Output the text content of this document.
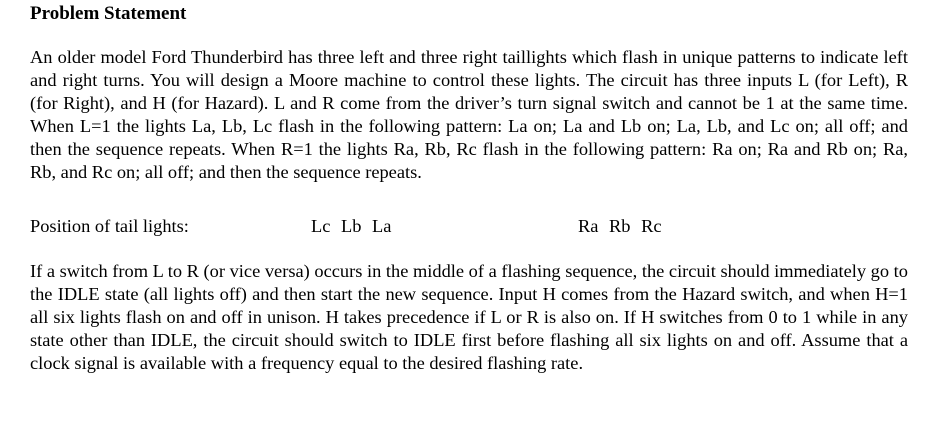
Problem Statement

An older model Ford Thunderbird has three left and three right taillights which flash in unique patterns to indicate left and right turns. You will design a Moore machine to control these lights. The circuit has three inputs L (for Left), R (for Right), and H (for Hazard). L and R come from the driver’s turn signal switch and cannot be 1 at the same time. When L=1 the lights La, Lb, Lc flash in the following pattern: La on; La and Lb on; La, Lb, and Lc on; all off; and then the sequence repeats. When R=1 the lights Ra, Rb, Rc flash in the following pattern: Ra on; Ra and Rb on; Ra, Rb, and Rc on; all off; and then the sequence repeats.

Position of tail lights:	Lc Lb La	Ra Rb Rc

If a switch from L to R (or vice versa) occurs in the middle of a flashing sequence, the circuit should immediately go to the IDLE state (all lights off) and then start the new sequence. Input H comes from the Hazard switch, and when H=1 all six lights flash on and off in unison. H takes precedence if L or R is also on. If H switches from 0 to 1 while in any state other than IDLE, the circuit should switch to IDLE first before flashing all six lights on and off. Assume that a clock signal is available with a frequency equal to the desired flashing rate.
